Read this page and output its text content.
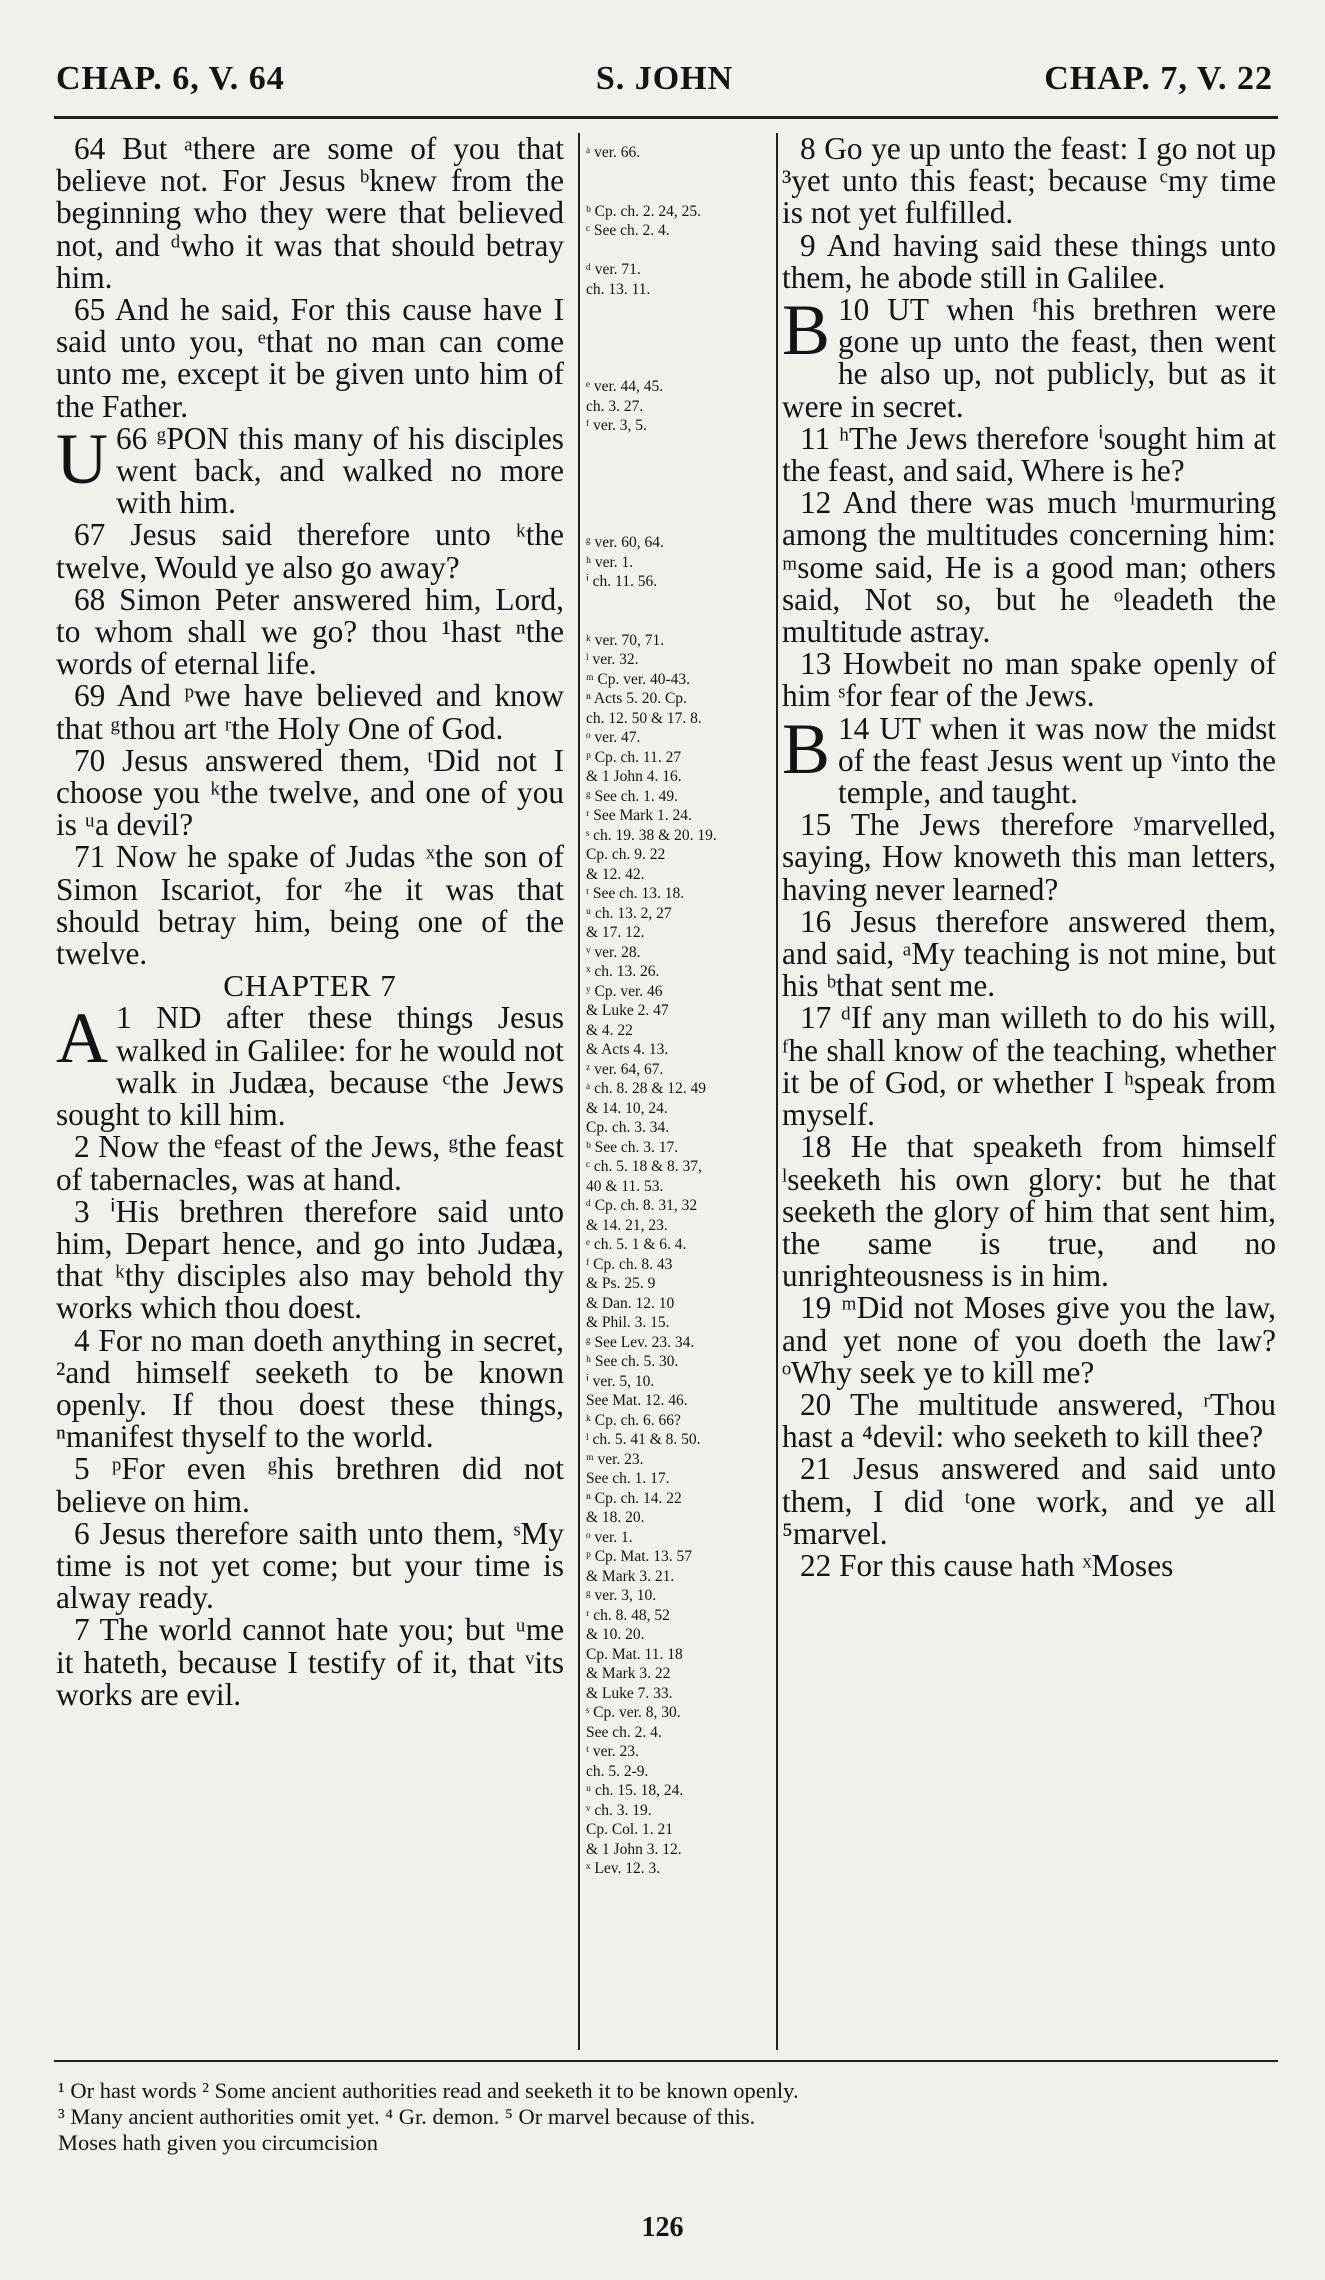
CHAP. 6, V. 64	S. JOHN	CHAP. 7, V. 22

64 But ᵃthere are some of you that believe not. For Jesus ᵇknew from the beginning who they were that believed not, and ᵈwho it was that should betray him.

65 And he said, For this cause have I said unto you, ᵉthat no man can come unto me, except it be given unto him of the Father.

66 ᵍ
U PON this many of his disciples went back, and walked no more with him.

67 Jesus said therefore unto ᵏthe twelve, Would ye also go away?

68 Simon Peter answered him, Lord, to whom shall we go? thou ¹hast ⁿthe words of eternal life.

69 And ᵖwe have believed and know that ᵍthou art ʳthe Holy One of God.

70 Jesus answered them, ᵗDid not I choose you ᵏthe twelve, and one of you is ᵘa devil?

71 Now he spake of Judas ˣthe son of Simon Iscariot, for ᶻhe it was that should betray him, being one of the twelve.

CHAPTER 7

1
A ND after these things Jesus walked in Galilee: for he would not walk in Judæa, because ᶜthe Jews sought to kill him.

2 Now the ᵉfeast of the Jews, ᵍthe feast of tabernacles, was at hand.

3 ⁱHis brethren therefore said unto him, Depart hence, and go into Judæa, that ᵏthy disciples also may behold thy works which thou doest.

4 For no man doeth anything in secret, ²and himself seeketh to be known openly. If thou doest these things, ⁿmanifest thyself to the world.

5 ᵖFor even ᵍhis brethren did not believe on him.

6 Jesus therefore saith unto them, ˢMy time is not yet come; but your time is alway ready.

7 The world cannot hate you; but ᵘme it hateth, because I testify of it, that ᵛits works are evil.

ᵃ ver. 66.

ᵇ Cp. ch. 2. 24, 25.
ᶜ See ch. 2. 4.

ᵈ ver. 71.
ch. 13. 11.

ᵉ ver. 44, 45.
ch. 3. 27.
ᶠ ver. 3, 5.

ᵍ ver. 60, 64.
ʰ ver. 1.
ⁱ ch. 11. 56.

ᵏ ver. 70, 71.
ˡ ver. 32.
ᵐ Cp. ver. 40-43.
ⁿ Acts 5. 20. Cp.
ch. 12. 50 & 17. 8.
ᵒ ver. 47.
ᵖ Cp. ch. 11. 27
& 1 John 4. 16.
ᵍ See ch. 1. 49.
ʳ See Mark 1. 24.
ˢ ch. 19. 38 & 20. 19.
Cp. ch. 9. 22
& 12. 42.
ᵗ See ch. 13. 18.
ᵘ ch. 13. 2, 27
& 17. 12.
ᵛ ver. 28.
ˣ ch. 13. 26.
ʸ Cp. ver. 46
& Luke 2. 47
& 4. 22
& Acts 4. 13.
ᶻ ver. 64, 67.
ᵃ ch. 8. 28 & 12. 49
& 14. 10, 24.
Cp. ch. 3. 34.
ᵇ See ch. 3. 17.
ᶜ ch. 5. 18 & 8. 37,
40 & 11. 53.
ᵈ Cp. ch. 8. 31, 32
& 14. 21, 23.
ᵉ ch. 5. 1 & 6. 4.
ᶠ Cp. ch. 8. 43
& Ps. 25. 9
& Dan. 12. 10
& Phil. 3. 15.
ᵍ See Lev. 23. 34.
ʰ See ch. 5. 30.
ⁱ ver. 5, 10.
See Mat. 12. 46.
ᵏ Cp. ch. 6. 66?
ˡ ch. 5. 41 & 8. 50.
ᵐ ver. 23.
See ch. 1. 17.
ⁿ Cp. ch. 14. 22
& 18. 20.
ᵒ ver. 1.
ᵖ Cp. Mat. 13. 57
& Mark 3. 21.
ᵍ ver. 3, 10.
ʳ ch. 8. 48, 52
& 10. 20.
Cp. Mat. 11. 18
& Mark 3. 22
& Luke 7. 33.
ˢ Cp. ver. 8, 30.
See ch. 2. 4.
ᵗ ver. 23.
ch. 5. 2-9.
ᵘ ch. 15. 18, 24.
ᵛ ch. 3. 19.
Cp. Col. 1. 21
& 1 John 3. 12.
ˣ Lev. 12. 3.

8 Go ye up unto the feast: I go not up ³yet unto this feast; because ᶜmy time is not yet fulfilled.

9 And having said these things unto them, he abode still in Galilee.

10
B UT when ᶠhis brethren were gone up unto the feast, then went he also up, not publicly, but as it were in secret.

11 ʰThe Jews therefore ⁱsought him at the feast, and said, Where is he?

12 And there was much ˡmurmuring among the multitudes concerning him: ᵐsome said, He is a good man; others said, Not so, but he ᵒleadeth the multitude astray.

13 Howbeit no man spake openly of him ˢfor fear of the Jews.

14
B UT when it was now the midst of the feast Jesus went up ᵛinto the temple, and taught.

15 The Jews therefore ʸmarvelled, saying, How knoweth this man letters, having never learned?

16 Jesus therefore answered them, and said, ᵃMy teaching is not mine, but his ᵇthat sent me.

17 ᵈIf any man willeth to do his will, ᶠhe shall know of the teaching, whether it be of God, or whether I ʰspeak from myself.

18 He that speaketh from himself ˡseeketh his own glory: but he that seeketh the glory of him that sent him, the same is true, and no unrighteousness is in him.

19 ᵐDid not Moses give you the law, and yet none of you doeth the law? ᵒWhy seek ye to kill me?

20 The multitude answered, ʳThou hast a ⁴devil: who seeketh to kill thee?

21 Jesus answered and said unto them, I did ᵗone work, and ye all ⁵marvel.

22 For this cause hath ˣMoses

¹ Or hast words ² Some ancient authorities read and seeketh it to be known openly.
³ Many ancient authorities omit yet. ⁴ Gr. demon. ⁵ Or marvel because of this.
Moses hath given you circumcision
126
